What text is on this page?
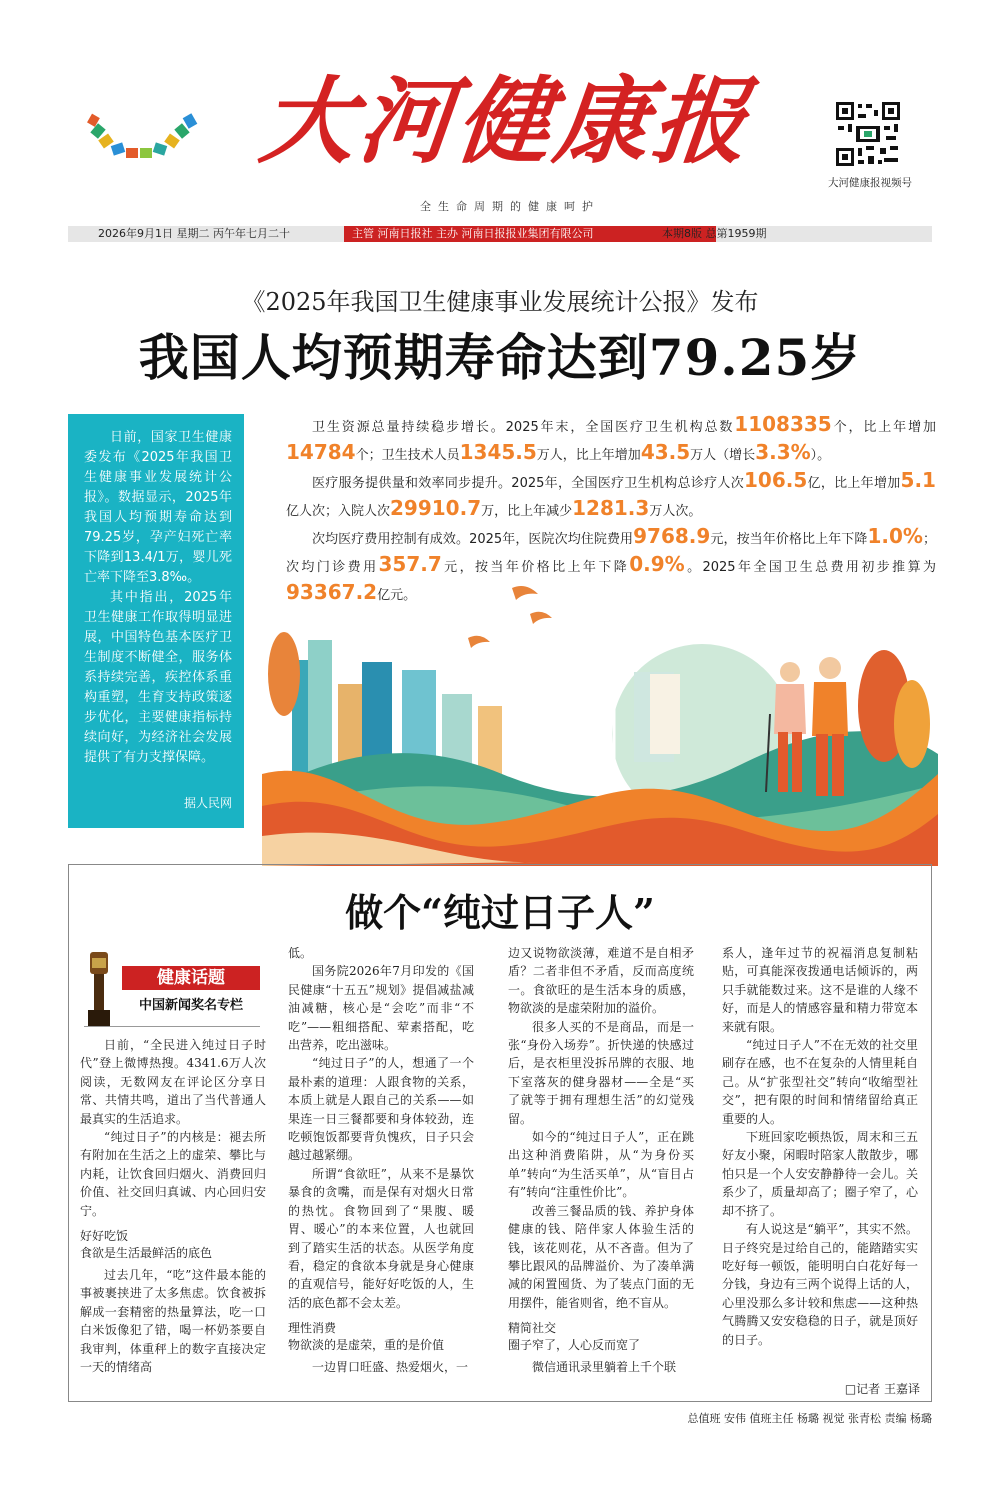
大河健康报
全生命周期的健康呵护
大河健康报视频号
2026年9月1日 星期二 丙午年七月二十	主管 河南日报社 主办 河南日报报业集团有限公司	本期8版 总第1959期
《2025年我国卫生健康事业发展统计公报》发布
我国人均预期寿命达到79.25岁

日前，国家卫生健康委发布《2025年我国卫生健康事业发展统计公报》。数据显示，2025年我国人均预期寿命达到79.25岁，孕产妇死亡率下降到13.4/1万，婴儿死亡率下降至3.8‰。

其中指出，2025年卫生健康工作取得明显进展，中国特色基本医疗卫生制度不断健全，服务体系持续完善，疾控体系重构重塑，生育支持政策逐步优化，主要健康指标持续向好，为经济社会发展提供了有力支撑保障。

据人民网

卫生资源总量持续稳步增长。2025年末，全国医疗卫生机构总数1108335个，比上年增加14784个；卫生技术人员1345.5万人，比上年增加43.5万人（增长3.3%）。

医疗服务提供量和效率同步提升。2025年，全国医疗卫生机构总诊疗人次106.5亿，比上年增加5.1亿人次；入院人次29910.7万，比上年减少1281.3万人次。

次均医疗费用控制有成效。2025年，医院次均住院费用9768.9元，按当年价格比上年下降1.0%；次均门诊费用357.7元，按当年价格比上年下降0.9%。2025年全国卫生总费用初步推算为93367.2亿元。

做个“纯过日子人”
健康话题
中国新闻奖名专栏

日前，“全民进入纯过日子时代”登上微博热搜。4341.6万人次阅读，无数网友在评论区分享日常、共情共鸣，道出了当代普通人最真实的生活追求。

“纯过日子”的内核是：褪去所有附加在生活之上的虚荣、攀比与内耗，让饮食回归烟火、消费回归价值、社交回归真诚、内心回归安宁。

好好吃饭
食欲是生活最鲜活的底色

过去几年，“吃”这件最本能的事被裹挟进了太多焦虑。饮食被拆解成一套精密的热量算法，吃一口白米饭像犯了错，喝一杯奶茶要自我审判，体重秤上的数字直接决定一天的情绪高

低。

国务院2026年7月印发的《国民健康“十五五”规划》提倡减盐减油减糖，核心是“会吃”而非“不吃”——粗细搭配、荤素搭配，吃出营养，吃出滋味。

“纯过日子”的人，想通了一个最朴素的道理：人跟食物的关系，本质上就是人跟自己的关系——如果连一日三餐都要和身体较劲，连吃顿饱饭都要背负愧疚，日子只会越过越紧绷。

所谓“食欲旺”，从来不是暴饮暴食的贪嘴，而是保有对烟火日常的热忱。食物回到了“果腹、暖胃、暖心”的本来位置，人也就回到了踏实生活的状态。从医学角度看，稳定的食欲本身就是身心健康的直观信号，能好好吃饭的人，生活的底色都不会太差。

理性消费
物欲淡的是虚荣，重的是价值

一边胃口旺盛、热爱烟火，一

边又说物欲淡薄，难道不是自相矛盾？二者非但不矛盾，反而高度统一。食欲旺的是生活本身的质感，物欲淡的是虚荣附加的溢价。

很多人买的不是商品，而是一张“身份入场券”。折快递的快感过后，是衣柜里没拆吊牌的衣服、地下室落灰的健身器材——全是“买了就等于拥有理想生活”的幻觉残留。

如今的“纯过日子人”，正在跳出这种消费陷阱，从“为身份买单”转向“为生活买单”，从“盲目占有”转向“注重性价比”。

改善三餐品质的钱、养护身体健康的钱、陪伴家人体验生活的钱，该花则花，从不吝啬。但为了攀比跟风的品牌溢价、为了凑单满减的闲置囤货、为了装点门面的无用摆件，能省则省，绝不盲从。

精简社交
圈子窄了，人心反而宽了

微信通讯录里躺着上千个联

系人，逢年过节的祝福消息复制粘贴，可真能深夜拨通电话倾诉的，两只手就能数过来。这不是谁的人缘不好，而是人的情感容量和精力带宽本来就有限。

“纯过日子人”不在无效的社交里刷存在感，也不在复杂的人情里耗自己。从“扩张型社交”转向“收缩型社交”，把有限的时间和情绪留给真正重要的人。

下班回家吃顿热饭，周末和三五好友小聚，闲暇时陪家人散散步，哪怕只是一个人安安静静待一会儿。关系少了，质量却高了；圈子窄了，心却不挤了。

有人说这是“躺平”，其实不然。日子终究是过给自己的，能踏踏实实吃好每一顿饭，能明明白白花好每一分钱，身边有三两个说得上话的人，心里没那么多计较和焦虑——这种热气腾腾又安安稳稳的日子，就是顶好的日子。

□记者 王嘉译
总值班 安伟 值班主任 杨璐 视觉 张青松 责编 杨璐
